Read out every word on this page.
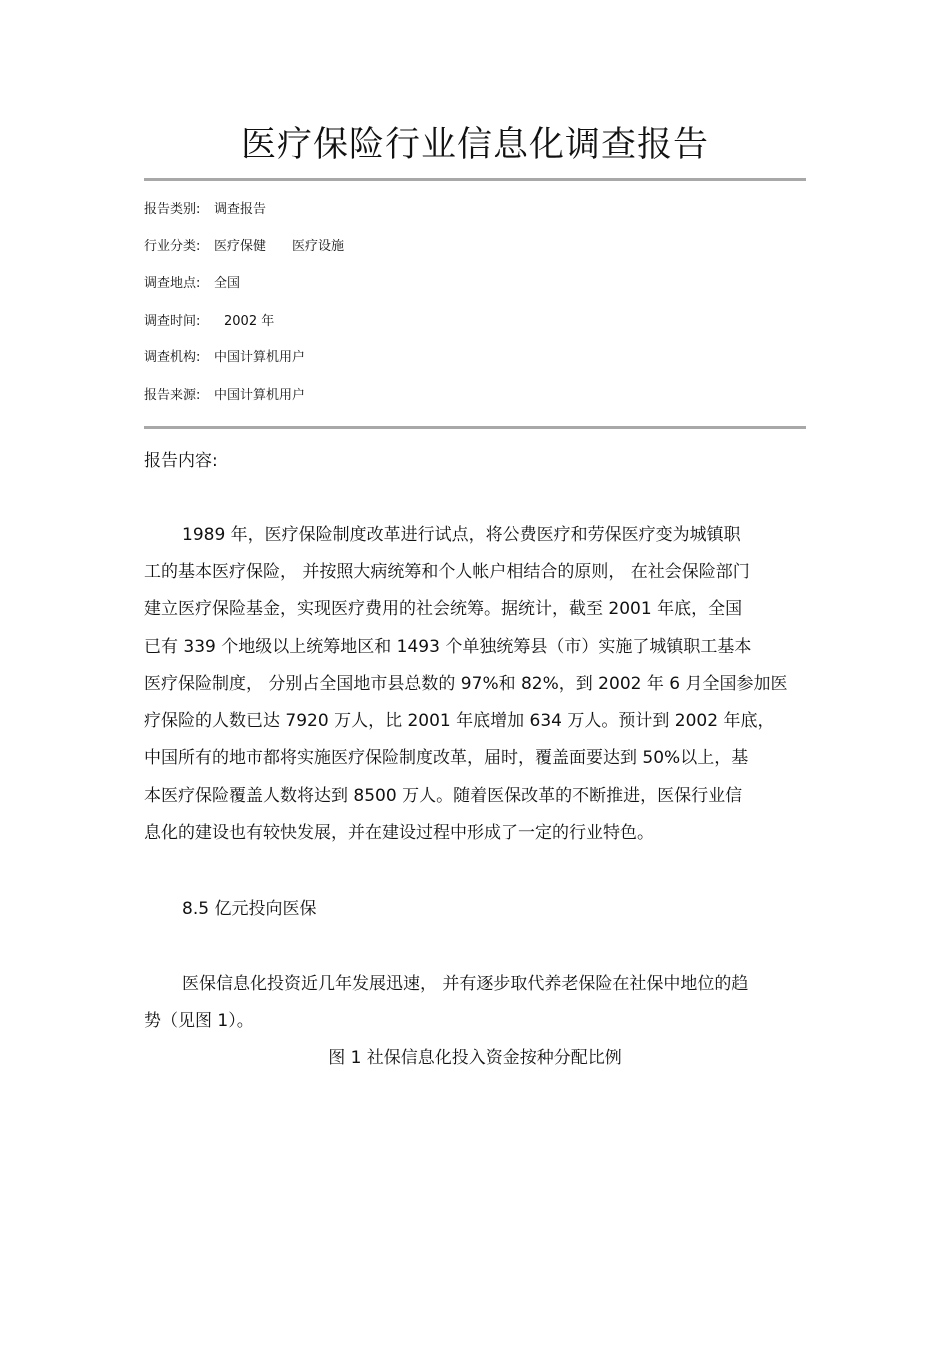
医疗保险行业信息化调查报告
报告类别: 调查报告
行业分类: 医疗保健 医疗设施
调查地点: 全国
调查时间: 2002 年
调查机构: 中国计算机用户
报告来源: 中国计算机用户
报告内容:
1989 年，医疗保险制度改革进行试点，将公费医疗和劳保医疗变为城镇职
工的基本医疗保险， 并按照大病统筹和个人帐户相结合的原则， 在社会保险部门
建立医疗保险基金，实现医疗费用的社会统筹。据统计，截至 2001 年底，全国
已有 339 个地级以上统筹地区和 1493 个单独统筹县（市）实施了城镇职工基本
医疗保险制度， 分别占全国地市县总数的 97%和 82%，到 2002 年 6 月全国参加医
疗保险的人数已达 7920 万人，比 2001 年底增加 634 万人。预计到 2002 年底，
中国所有的地市都将实施医疗保险制度改革，届时，覆盖面要达到 50%以上，基
本医疗保险覆盖人数将达到 8500 万人。随着医保改革的不断推进，医保行业信
息化的建设也有较快发展，并在建设过程中形成了一定的行业特色。
8.5 亿元投向医保
医保信息化投资近几年发展迅速， 并有逐步取代养老保险在社保中地位的趋
势（见图 1）。
图 1 社保信息化投入资金按种分配比例
